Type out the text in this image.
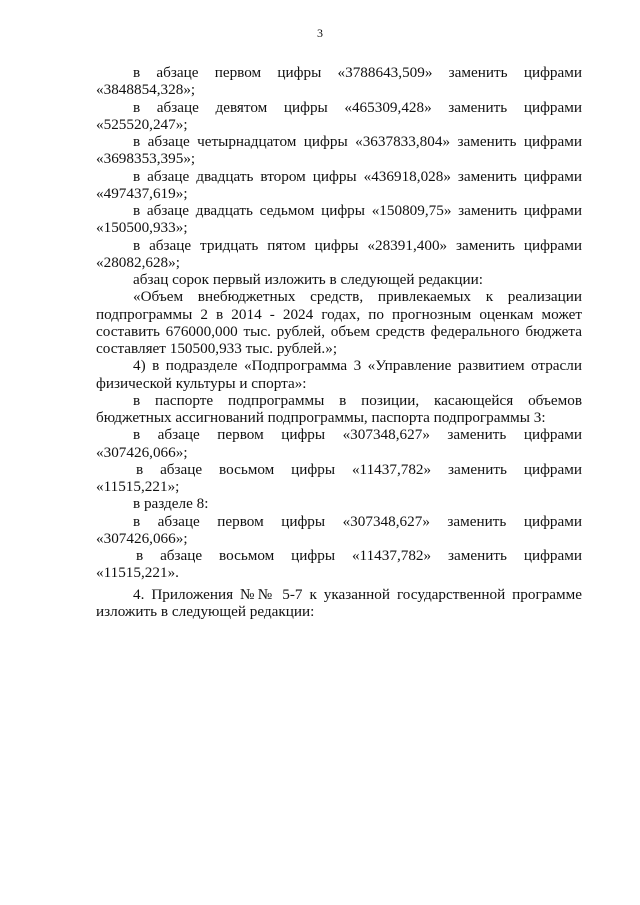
3

в абзаце первом цифры «3788643,509» заменить цифрами «3848854,328»;

в абзаце девятом цифры «465309,428» заменить цифрами «525520,247»;

в абзаце четырнадцатом цифры «3637833,804» заменить цифрами «3698353,395»;

в абзаце двадцать втором цифры «436918,028» заменить цифрами «497437,619»;

в абзаце двадцать седьмом цифры «150809,75» заменить цифрами «150500,933»;

в абзаце тридцать пятом цифры «28391,400» заменить цифрами «28082,628»;

абзац сорок первый изложить в следующей редакции:

«Объем внебюджетных средств, привлекаемых к реализации подпрограммы 2 в 2014 - 2024 годах, по прогнозным оценкам может составить 676000,000 тыс. рублей, объем средств федерального бюджета составляет 150500,933 тыс. рублей.»;

4) в подразделе «Подпрограмма 3 «Управление развитием отрасли физической культуры и спорта»:

в паспорте подпрограммы в позиции, касающейся объемов бюджетных ассигнований подпрограммы, паспорта подпрограммы 3:

в абзаце первом цифры «307348,627» заменить цифрами «307426,066»;

в абзаце восьмом цифры «11437,782» заменить цифрами «11515,221»;

в разделе 8:

в абзаце первом цифры «307348,627» заменить цифрами «307426,066»;

в абзаце восьмом цифры «11437,782» заменить цифрами «11515,221».

4. Приложения №№ 5-7 к указанной государственной программе изложить в следующей редакции:
